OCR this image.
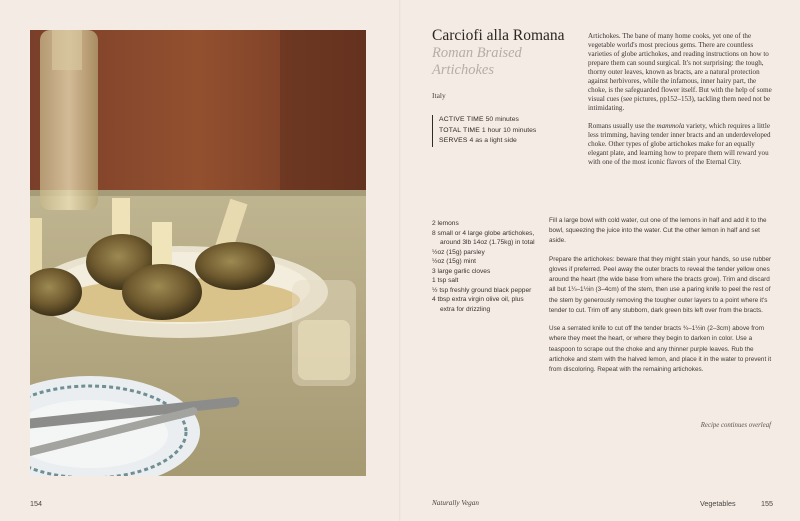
Carciofi alla Romana
Roman Braised Artichokes
Italy
ACTIVE TIME 50 minutes
TOTAL TIME 1 hour 10 minutes
SERVES 4 as a light side

Artichokes. The bane of many home cooks, yet one of the vegetable world's most precious gems. There are countless varieties of globe artichokes, and reading instructions on how to prepare them can sound surgical. It's not surprising: the tough, thorny outer leaves, known as bracts, are a natural protection against herbivores, while the infamous, inner hairy part, the choke, is the safeguarded flower itself. But with the help of some visual cues (see pictures, pp152–153), tackling them need not be intimidating.

Romans usually use the mammola variety, which requires a little less trimming, having tender inner bracts and an underdeveloped choke. Other types of globe artichokes make for an equally elegant plate, and learning how to prepare them will reward you with one of the most iconic flavors of the Eternal City.

2 lemons
8 small or 4 large globe artichokes, around 3lb 14oz (1.75kg) in total
½oz (15g) parsley
½oz (15g) mint
3 large garlic cloves
1 tsp salt
½ tsp freshly ground black pepper
4 tbsp extra virgin olive oil, plus extra for drizzling

Fill a large bowl with cold water, cut one of the lemons in half and add it to the bowl, squeezing the juice into the water. Cut the other lemon in half and set aside.

Prepare the artichokes: beware that they might stain your hands, so use rubber gloves if preferred. Peel away the outer bracts to reveal the tender yellow ones around the heart (the wide base from where the bracts grow). Trim and discard all but 1¼–1½in (3–4cm) of the stem, then use a paring knife to peel the rest of the stem by generously removing the tougher outer layers to a point where it's tender to cut. Trim off any stubborn, dark green bits left over from the bracts.

Use a serrated knife to cut off the tender bracts ¾–1½in (2–3cm) above from where they meet the heart, or where they begin to darken in color. Use a teaspoon to scrape out the choke and any thinner purple leaves. Rub the artichoke and stem with the halved lemon, and place it in the water to prevent it from discoloring. Repeat with the remaining artichokes.

Recipe continues overleaf
154	Naturally Vegan	Vegetables	155
